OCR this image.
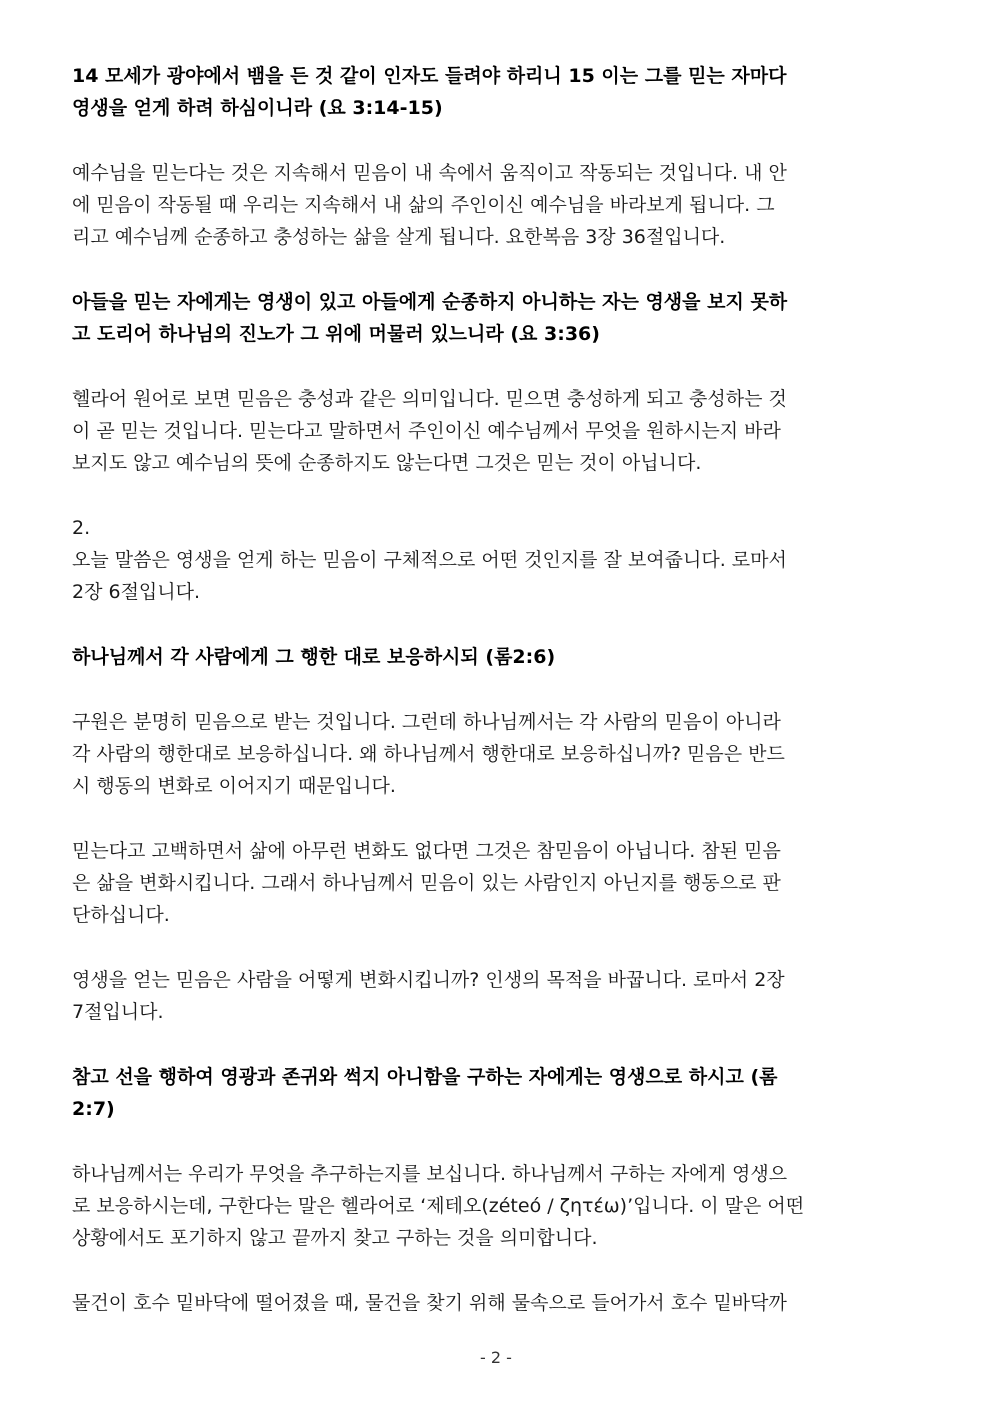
14 모세가 광야에서 뱀을 든 것 같이 인자도 들려야 하리니 15 이는 그를 믿는 자마다
영생을 얻게 하려 하심이니라 (요 3:14-15)
예수님을 믿는다는 것은 지속해서 믿음이 내 속에서 움직이고 작동되는 것입니다. 내 안
에 믿음이 작동될 때 우리는 지속해서 내 삶의 주인이신 예수님을 바라보게 됩니다. 그
리고 예수님께 순종하고 충성하는 삶을 살게 됩니다. 요한복음 3장 36절입니다.
아들을 믿는 자에게는 영생이 있고 아들에게 순종하지 아니하는 자는 영생을 보지 못하
고 도리어 하나님의 진노가 그 위에 머물러 있느니라 (요 3:36)
헬라어 원어로 보면 믿음은 충성과 같은 의미입니다. 믿으면 충성하게 되고 충성하는 것
이 곧 믿는 것입니다. 믿는다고 말하면서 주인이신 예수님께서 무엇을 원하시는지 바라
보지도 않고 예수님의 뜻에 순종하지도 않는다면 그것은 믿는 것이 아닙니다.
2.
오늘 말씀은 영생을 얻게 하는 믿음이 구체적으로 어떤 것인지를 잘 보여줍니다. 로마서
2장 6절입니다.
하나님께서 각 사람에게 그 행한 대로 보응하시되 (롬2:6)
구원은 분명히 믿음으로 받는 것입니다. 그런데 하나님께서는 각 사람의 믿음이 아니라
각 사람의 행한대로 보응하십니다. 왜 하나님께서 행한대로 보응하십니까? 믿음은 반드
시 행동의 변화로 이어지기 때문입니다.
믿는다고 고백하면서 삶에 아무런 변화도 없다면 그것은 참믿음이 아닙니다. 참된 믿음
은 삶을 변화시킵니다. 그래서 하나님께서 믿음이 있는 사람인지 아닌지를 행동으로 판
단하십니다.
영생을 얻는 믿음은 사람을 어떻게 변화시킵니까? 인생의 목적을 바꿉니다. 로마서 2장
7절입니다.
참고 선을 행하여 영광과 존귀와 썩지 아니함을 구하는 자에게는 영생으로 하시고 (롬
2:7)
하나님께서는 우리가 무엇을 추구하는지를 보십니다. 하나님께서 구하는 자에게 영생으
로 보응하시는데, 구한다는 말은 헬라어로 ‘제테오(zéteó / ζητέω)’입니다. 이 말은 어떤
상황에서도 포기하지 않고 끝까지 찾고 구하는 것을 의미합니다.
물건이 호수 밑바닥에 떨어졌을 때, 물건을 찾기 위해 물속으로 들어가서 호수 밑바닥까
- 2 -
